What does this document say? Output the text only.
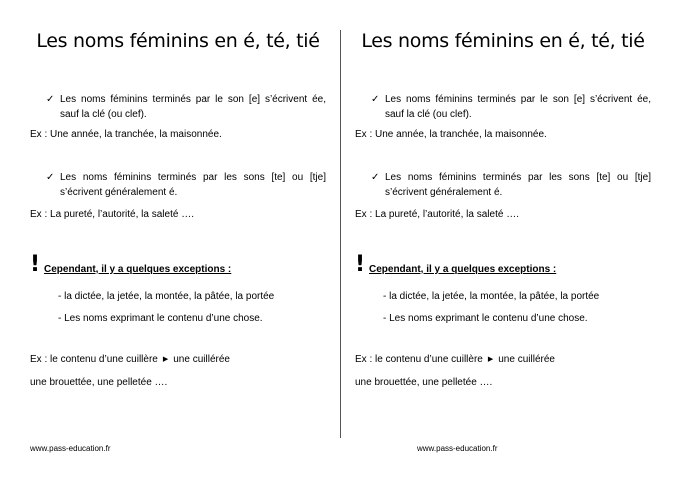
Les noms féminins en é, té, tié
✓ Les noms féminins terminés par le son [e] s’écrivent ée, sauf la clé (ou clef).
Ex : Une année, la tranchée, la maisonnée.
✓ Les noms féminins terminés par les sons [te] ou [tje] s’écrivent généralement é.
Ex : La pureté, l’autorité, la saleté ….
! Cependant, il y a quelques exceptions :
- la dictée, la jetée, la montée, la pâtée, la portée
- Les noms exprimant le contenu d’une chose.
Ex : le contenu d’une cuillère ▶ une cuillérée
une brouettée, une pelletée ….
www.pass-education.fr
Les noms féminins en é, té, tié
✓ Les noms féminins terminés par le son [e] s’écrivent ée, sauf la clé (ou clef).
Ex : Une année, la tranchée, la maisonnée.
✓ Les noms féminins terminés par les sons [te] ou [tje] s’écrivent généralement é.
Ex : La pureté, l’autorité, la saleté ….
! Cependant, il y a quelques exceptions :
- la dictée, la jetée, la montée, la pâtée, la portée
- Les noms exprimant le contenu d’une chose.
Ex : le contenu d’une cuillère ▶ une cuillérée
une brouettée, une pelletée ….
www.pass-education.fr
